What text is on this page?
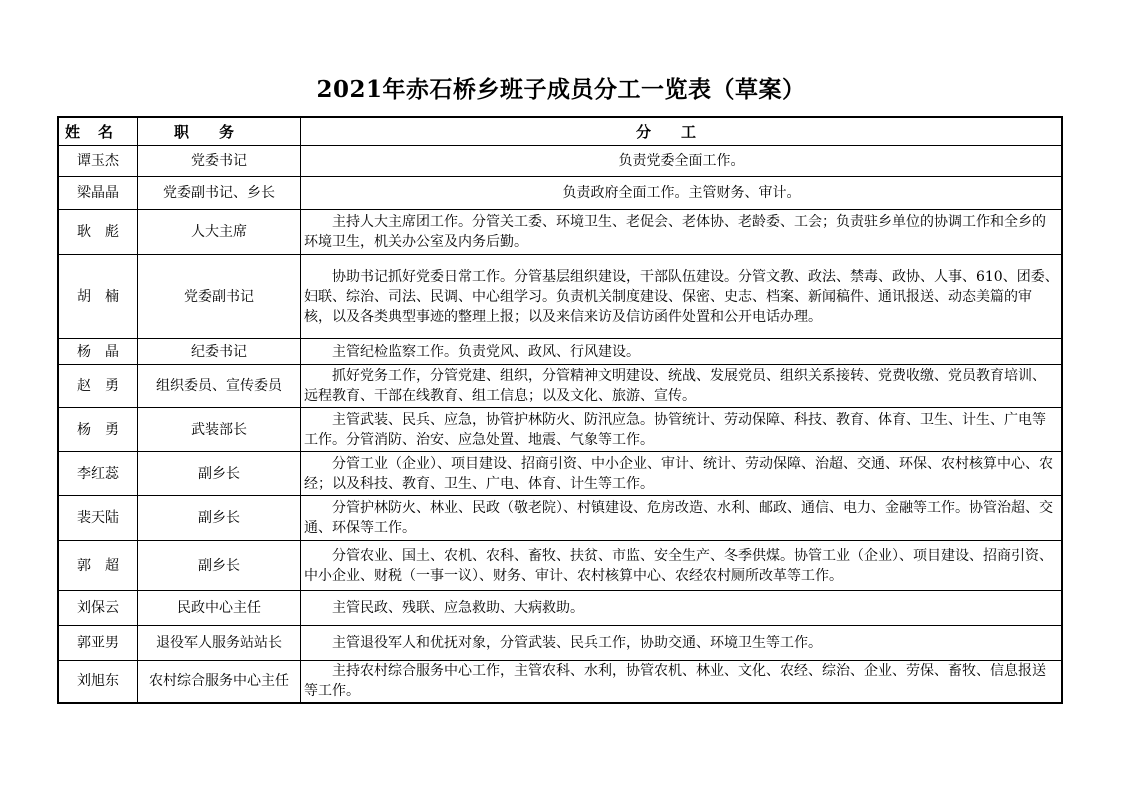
2021年赤石桥乡班子成员分工一览表（草案）
姓名	职务	分工
谭玉杰	党委书记	负责党委全面工作。
梁晶晶	党委副书记、乡长	负责政府全面工作。主管财务、审计。
耿　彪	人大主席	主持人大主席团工作。分管关工委、环境卫生、老促会、老体协、老龄委、工会；负责驻乡单位的协调工作和全乡的环境卫生，机关办公室及内务后勤。
胡　楠	党委副书记	协助书记抓好党委日常工作。分管基层组织建设，干部队伍建设。分管文教、政法、禁毒、政协、人事、610、团委、妇联、综治、司法、民调、中心组学习。负责机关制度建设、保密、史志、档案、新闻稿件、通讯报送、动态美篇的审核，以及各类典型事迹的整理上报；以及来信来访及信访函件处置和公开电话办理。
杨　晶	纪委书记	主管纪检监察工作。负责党风、政风、行风建设。
赵　勇	组织委员、宣传委员	抓好党务工作，分管党建、组织，分管精神文明建设、统战、发展党员、组织关系接转、党费收缴、党员教育培训、远程教育、干部在线教育、组工信息；以及文化、旅游、宣传。
杨　勇	武装部长	主管武装、民兵、应急，协管护林防火、防汛应急。协管统计、劳动保障、科技、教育、体育、卫生、计生、广电等工作。分管消防、治安、应急处置、地震、气象等工作。
李红蕊	副乡长	分管工业（企业）、项目建设、招商引资、中小企业、审计、统计、劳动保障、治超、交通、环保、农村核算中心、农经；以及科技、教育、卫生、广电、体育、计生等工作。
裴天陆	副乡长	分管护林防火、林业、民政（敬老院）、村镇建设、危房改造、水利、邮政、通信、电力、金融等工作。协管治超、交通、环保等工作。
郭　超	副乡长	分管农业、国土、农机、农科、畜牧、扶贫、市监、安全生产、冬季供煤。协管工业（企业）、项目建设、招商引资、中小企业、财税（一事一议）、财务、审计、农村核算中心、农经农村厕所改革等工作。
刘保云	民政中心主任	主管民政、残联、应急救助、大病救助。
郭亚男	退役军人服务站站长	主管退役军人和优抚对象，分管武装、民兵工作，协助交通、环境卫生等工作。
刘旭东	农村综合服务中心主任	主持农村综合服务中心工作，主管农科、水利，协管农机、林业、文化、农经、综治、企业、劳保、畜牧、信息报送等工作。
